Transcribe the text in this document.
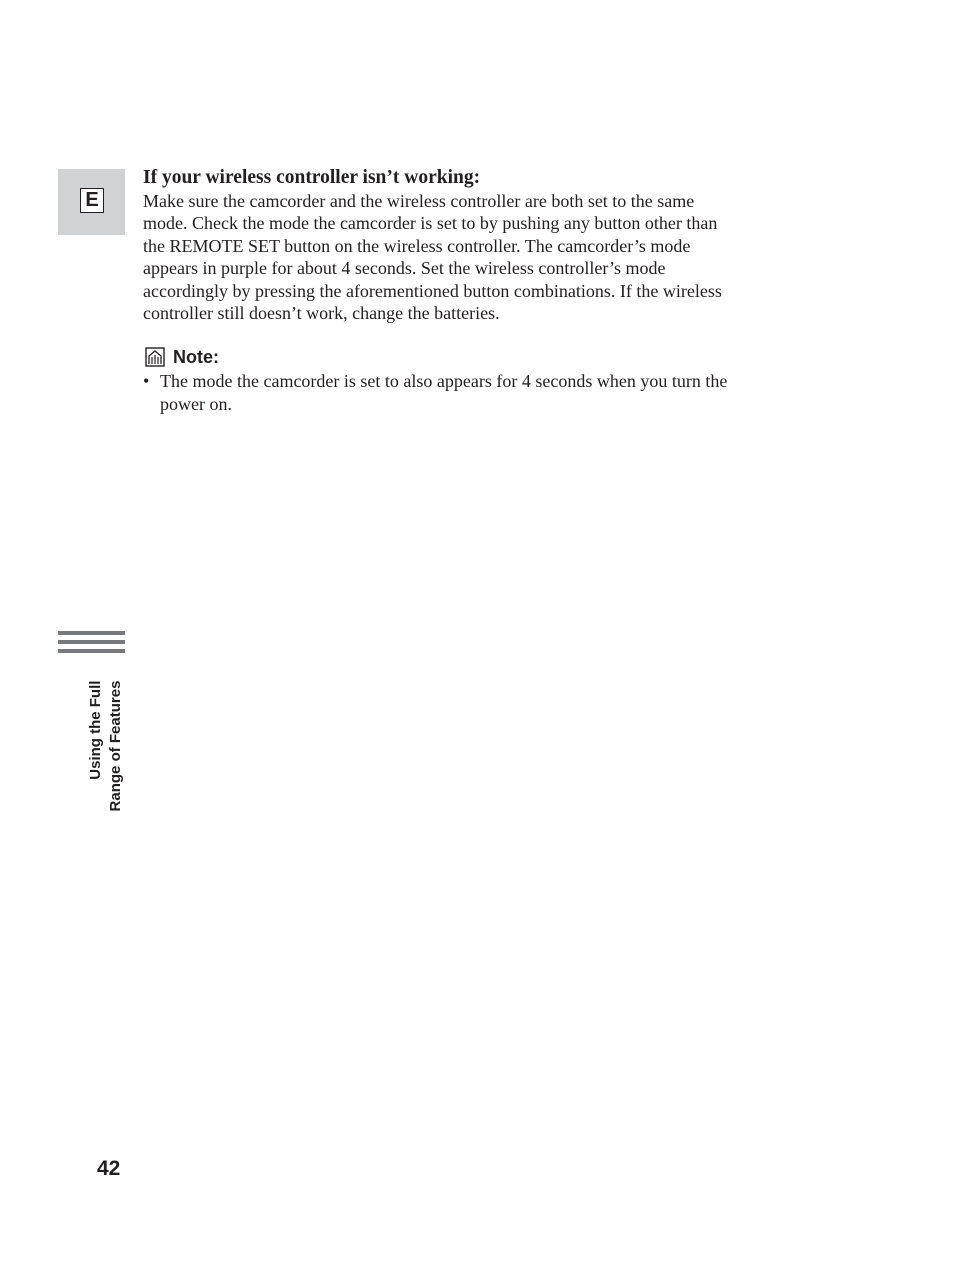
E
If your wireless controller isn’t working:

Make sure the camcorder and the wireless controller are both set to the same
mode. Check the mode the camcorder is set to by pushing any button other than
the REMOTE SET button on the wireless controller. The camcorder’s mode
appears in purple for about 4 seconds. Set the wireless controller’s mode
accordingly by pressing the aforementioned button combinations. If the wireless
controller still doesn’t work, change the batteries.

Note:
• The mode the camcorder is set to also appears for 4 seconds when you turn the
power on.
Using the Full Range of Features
42
